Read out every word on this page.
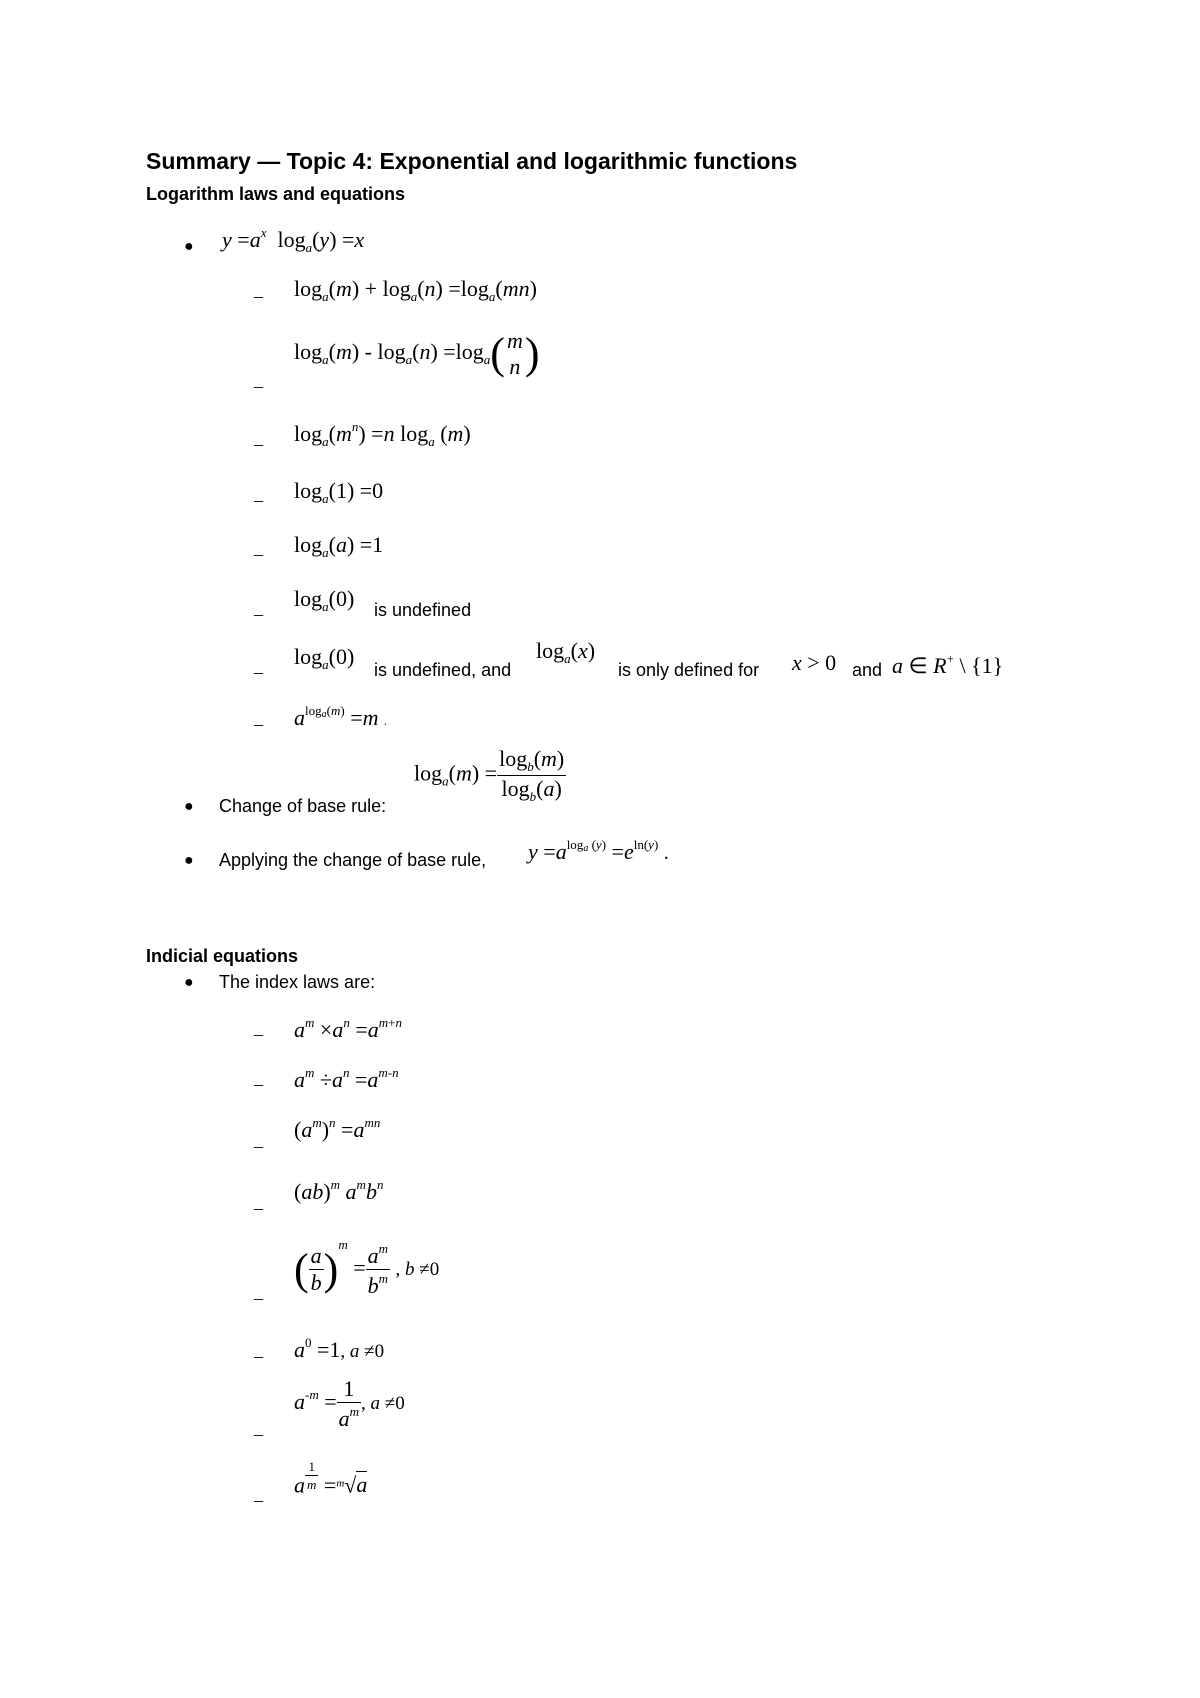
Summary — Topic 4: Exponential and logarithmic functions
Logarithm laws and equations
● $y =a^x$  $\log_a(y) =x$
– $\log_a(m) + \log_a(n) =\log_a(mn)$
–
$\log_a(m) - \log_a(n) =\log_a$( m
n )
– $\log_a(m^n) =n$ $\log_a (m)$
– $\log_a(1) =0$
– $\log_a(a) =1$
–
$\log_a(0)$ is undefined
–
$\log_a(0)$
is undefined, and
$\log_a(x)$
is only defined for x > 0 and a ∈ R+ \ {1}
– $a^{log_a(m)} =m$ .
$\log_a(m) = \frac{\log_b(m)}{\log_b(a)}$
● Change of base rule:
● Applying the change of base rule, $y =a^{log_a (y)} =e^{ln(y)}$ .
Indicial equations
● The index laws are:
– $a^m \times a^n =a^{m+n}$
– $a^m \div a^n =a^{m-n}$
–
$(a^m)^n =a^{mn}$
–
(ab)$^m$ $a^mb^n$
–
( $\frac{a}{b} )^m = \frac{a^m}{b^m}$ , b ≠0
– $a^0 =1$, a ≠0
–
$a^{-m} = \frac{1}{a^m}$ , a ≠0
–
a $^{\frac{1}{m}}$ =$^m$√a
